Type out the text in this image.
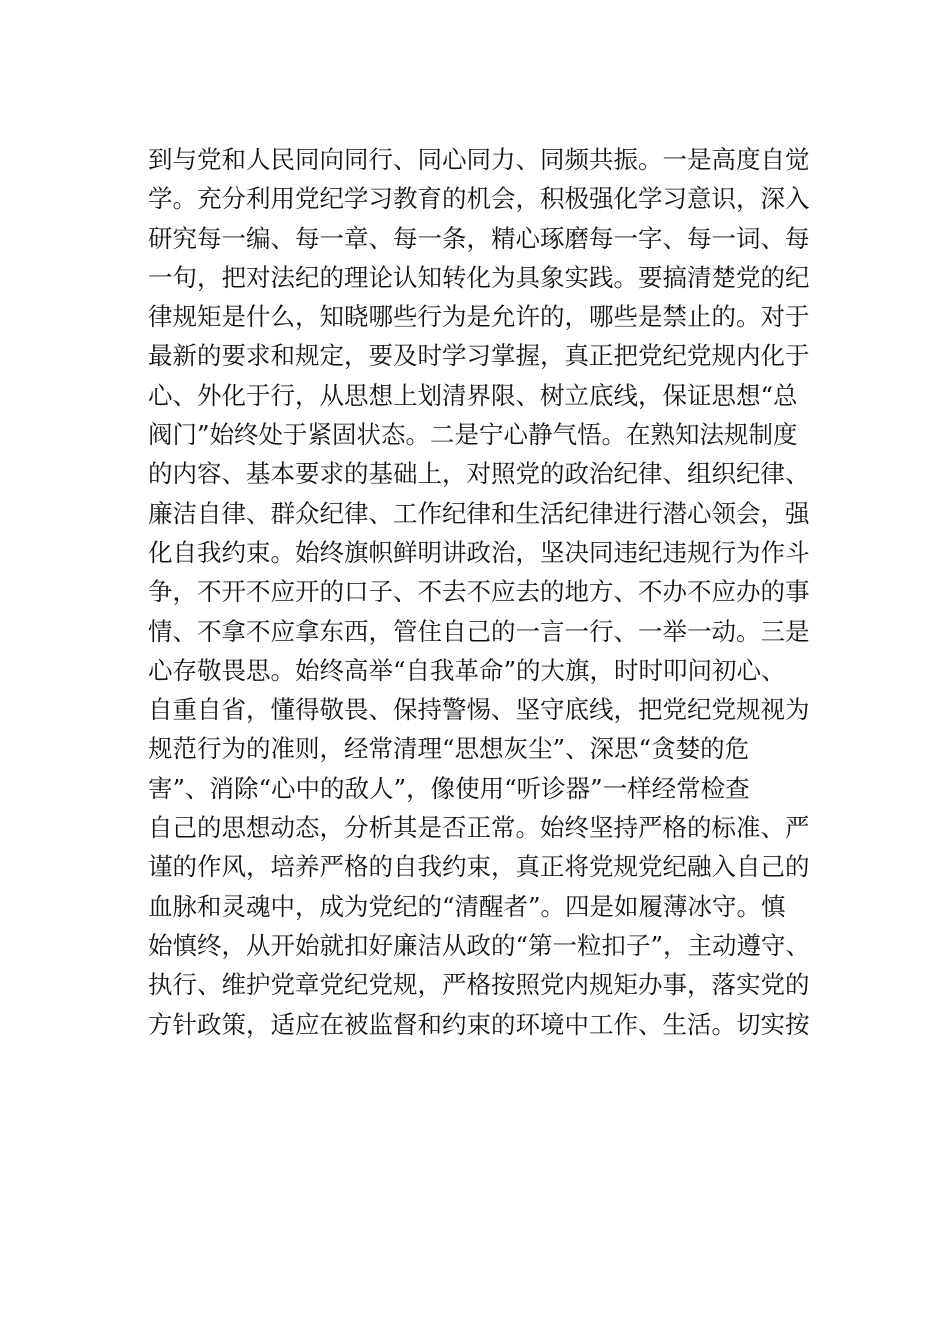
到与党和人民同向同行、同心同力、同频共振。一是高度自觉
学。充分利用党纪学习教育的机会，积极强化学习意识，深入
研究每一编、每一章、每一条，精心琢磨每一字、每一词、每
一句，把对法纪的理论认知转化为具象实践。要搞清楚党的纪
律规矩是什么，知晓哪些行为是允许的，哪些是禁止的。对于
最新的要求和规定，要及时学习掌握，真正把党纪党规内化于
心、外化于行，从思想上划清界限、树立底线，保证思想“总
阀门”始终处于紧固状态。二是宁心静气悟。在熟知法规制度
的内容、基本要求的基础上，对照党的政治纪律、组织纪律、
廉洁自律、群众纪律、工作纪律和生活纪律进行潜心领会，强
化自我约束。始终旗帜鲜明讲政治，坚决同违纪违规行为作斗
争，不开不应开的口子、不去不应去的地方、不办不应办的事
情、不拿不应拿东西，管住自己的一言一行、一举一动。三是
心存敬畏思。始终高举“自我革命”的大旗，时时叩问初心、
自重自省，懂得敬畏、保持警惕、坚守底线，把党纪党规视为
规范行为的准则，经常清理“思想灰尘”、深思“贪婪的危
害”、消除“心中的敌人”，像使用“听诊器”一样经常检查
自己的思想动态，分析其是否正常。始终坚持严格的标准、严
谨的作风，培养严格的自我约束，真正将党规党纪融入自己的
血脉和灵魂中，成为党纪的“清醒者”。四是如履薄冰守。慎
始慎终，从开始就扣好廉洁从政的“第一粒扣子”，主动遵守、
执行、维护党章党纪党规，严格按照党内规矩办事，落实党的
方针政策，适应在被监督和约束的环境中工作、生活。切实按
